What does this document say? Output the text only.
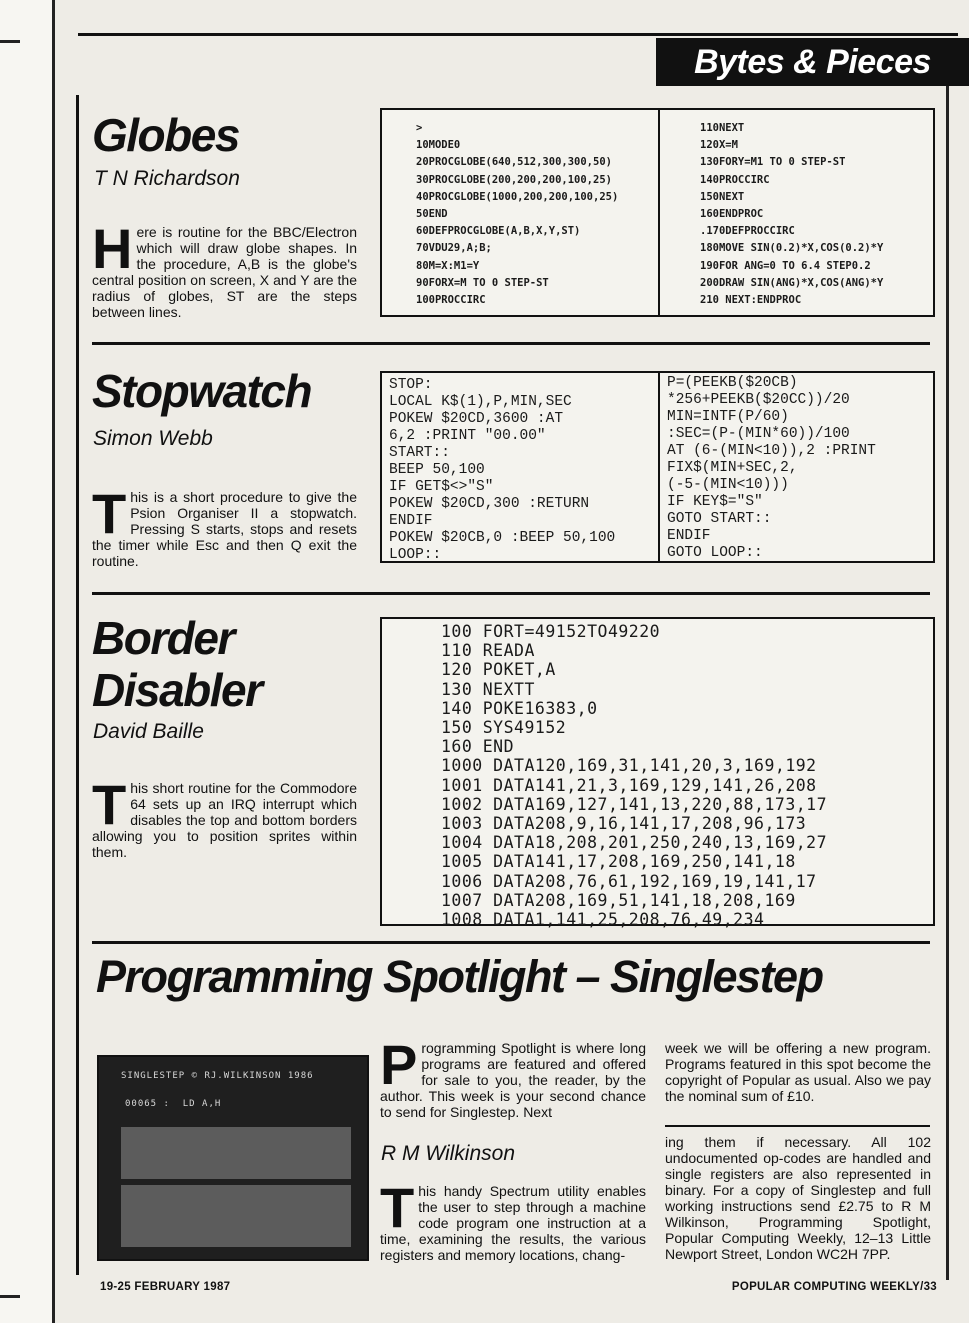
Bytes & Pieces
Globes
T N Richardson
Here is routine for the BBC/Electron which will draw globe shapes. In the procedure, A,B is the globe's central position on screen, X and Y are the radius of globes, ST are the steps between lines.
>
10MODE0
20PROCGLOBE(640,512,300,300,50)
30PROCGLOBE(200,200,200,100,25)
40PROCGLOBE(1000,200,200,100,25)
50END
60DEFPROCGLOBE(A,B,X,Y,ST)
70VDU29,A;B;
80M=X:M1=Y
90FORX=M TO 0 STEP-ST
100PROCCIRC
110NEXT
120X=M
130FORY=M1 TO 0 STEP-ST
140PROCCIRC
150NEXT
160ENDPROC
.170DEFPROCCIRC
180MOVE SIN(0.2)*X,COS(0.2)*Y
190FOR ANG=0 TO 6.4 STEP0.2
200DRAW SIN(ANG)*X,COS(ANG)*Y
210 NEXT:ENDPROC
Stopwatch
Simon Webb
This is a short procedure to give the Psion Organiser II a stopwatch. Pressing S starts, stops and resets the timer while Esc and then Q exit the routine.
STOP:
LOCAL K$(1),P,MIN,SEC
POKEW $20CD,3600 :AT
6,2 :PRINT "00.00"
START::
BEEP 50,100
IF GET$<>"S"
POKEW $20CD,300 :RETURN
ENDIF
POKEW $20CB,0 :BEEP 50,100
LOOP::
P=(PEEKB($20CB)
*256+PEEKB($20CC))/20
MIN=INTF(P/60)
:SEC=(P-(MIN*60))/100
AT (6-(MIN<10)),2 :PRINT
FIX$(MIN+SEC,2,
(-5-(MIN<10)))
IF KEY$="S"
GOTO START::
ENDIF
GOTO LOOP::
Border
Disabler
David Baille
This short routine for the Commodore 64 sets up an IRQ interrupt which disables the top and bottom borders allowing you to position sprites within them.
100 FORT=49152TO49220
110 READA
120 POKET,A
130 NEXTT
140 POKE16383,0
150 SYS49152
160 END
1000 DATA120,169,31,141,20,3,169,192
1001 DATA141,21,3,169,129,141,26,208
1002 DATA169,127,141,13,220,88,173,17
1003 DATA208,9,16,141,17,208,96,173
1004 DATA18,208,201,250,240,13,169,27
1005 DATA141,17,208,169,250,141,18
1006 DATA208,76,61,192,169,19,141,17
1007 DATA208,169,51,141,18,208,169
1008 DATA1,141,25,208,76,49,234
Programming Spotlight – Singlestep
SINGLESTEP © RJ.WILKINSON 1986
00065 :  LD A,H
Programming Spotlight is where long programs are featured and offered for sale to you, the reader, by the author. This week is your second chance to send for Singlestep. Next
week we will be offering a new program. Programs featured in this spot become the copyright of Popular as usual. Also we pay the nominal sum of £10.
R M Wilkinson
This handy Spectrum utility enables the user to step through a machine code program one instruction at a time, examining the results, the various registers and memory locations, chang-
ing them if necessary. All 102 undocumented op-codes are handled and single registers are also represented in binary. For a copy of Singlestep and full working instructions send £2.75 to R M Wilkinson, Programming Spotlight, Popular Computing Weekly, 12–13 Little Newport Street, London WC2H 7PP.
19-25 FEBRUARY 1987	POPULAR COMPUTING WEEKLY/33
